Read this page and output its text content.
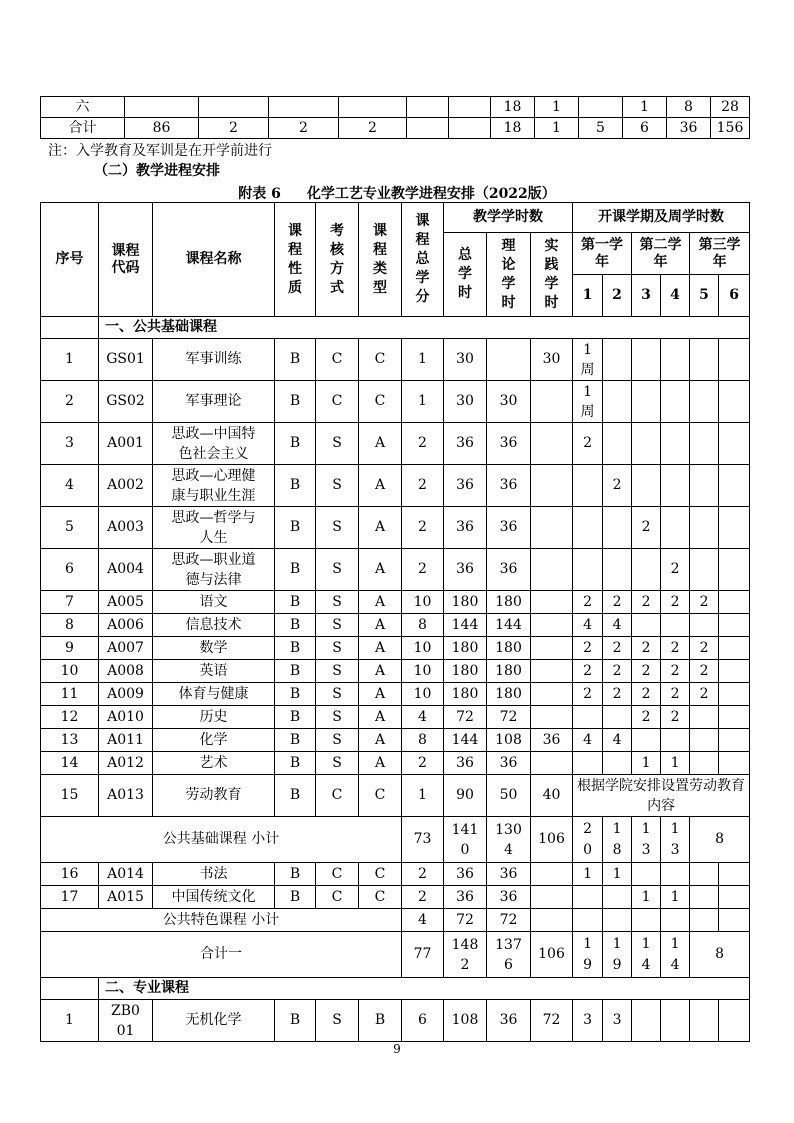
六							18	1		1	8	28
合计	86	2	2	2			18	1	5	6	36	156
注：入学教育及军训是在开学前进行
（二）教学进程安排
附表 6 化学工艺专业教学进程安排（2022版）
序号	课程代码	课程名称	课程性质	考核方式	课程类型	课程总学分	教学学时数			开课学期及周学时数					

							总学时	理论学时	实践学时	第一学年		第二学年		第三学年	

										1	2	3	4	5	6
	一、公共基础课程														
1	GS01	军事训练	B	C	C	1	30		30	1周					

2	GS02	军事理论	B	C	C	1	30	30		1周					

3	A001	思政—中国特色社会主义	B	S	A	2	36	36		2					
4	A002	思政—心理健康与职业生涯	B	S	A	2	36	36			2				
5	A003	思政—哲学与人生	B	S	A	2	36	36				2			
6	A004	思政—职业道德与法律	B	S	A	2	36	36					2		
7	A005	语文	B	S	A	10	180	180		2	2	2	2	2	
8	A006	信息技术	B	S	A	8	144	144		4	4				
9	A007	数学	B	S	A	10	180	180		2	2	2	2	2	
10	A008	英语	B	S	A	10	180	180		2	2	2	2	2	
11	A009	体育与健康	B	S	A	10	180	180		2	2	2	2	2	
12	A010	历史	B	S	A	4	72	72				2	2		
13	A011	化学	B	S	A	8	144	108	36	4	4				
14	A012	艺术	B	S	A	2	36	36				1	1		
15	A013	劳动教育	B	C	C	1	90	50	40	根据学院安排设置劳动教育内容					
公共基础课程 小计						73	1410	1304	106	20	18	13	13	8	
16	A014	书法	B	C	C	2	36	36		1	1				
17	A015	中国传统文化	B	C	C	2	36	36				1	1		
公共特色课程 小计						4	72	72							
合计一						77	1482	1376	106	19	19	14	14	8	
	二、专业课程														
1	ZB001	无机化学	B	S	B	6	108	36	72	3	3				
9
